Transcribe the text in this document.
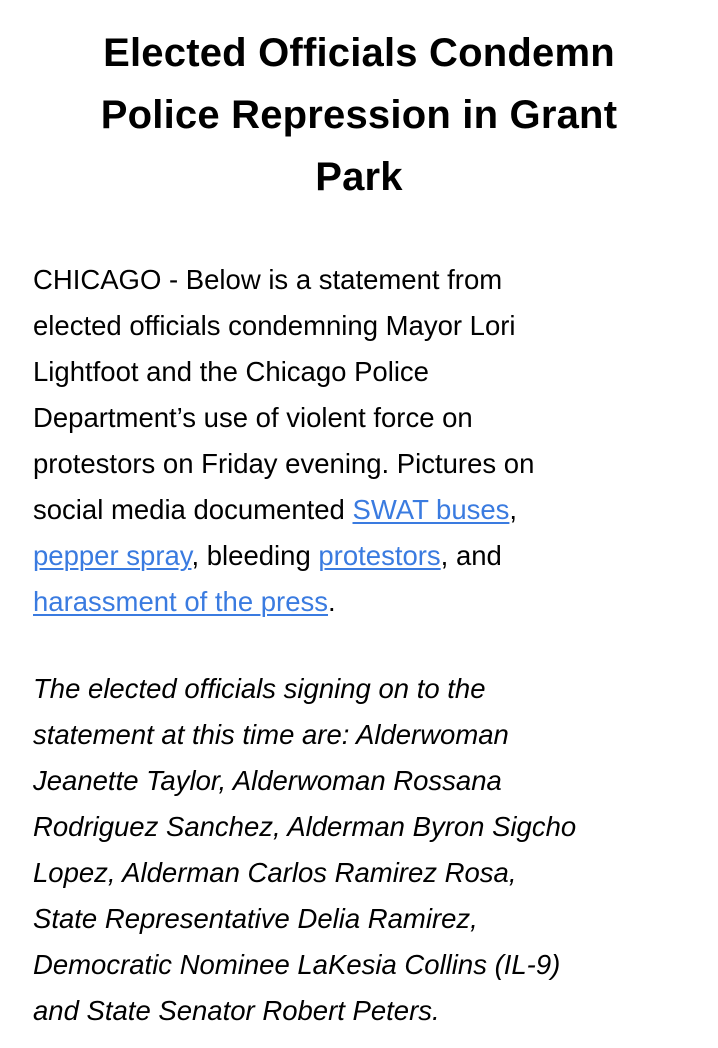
Elected Officials Condemn
Police Repression in Grant
Park

CHICAGO - Below is a statement from
elected officials condemning Mayor Lori
Lightfoot and the Chicago Police
Department’s use of violent force on
protestors on Friday evening. Pictures on
social media documented SWAT buses,
pepper spray, bleeding protestors, and
harassment of the press.

The elected officials signing on to the
statement at this time are: Alderwoman
Jeanette Taylor, Alderwoman Rossana
Rodriguez Sanchez, Alderman Byron Sigcho
Lopez, Alderman Carlos Ramirez Rosa,
State Representative Delia Ramirez,
Democratic Nominee LaKesia Collins (IL-9)
and State Senator Robert Peters.
